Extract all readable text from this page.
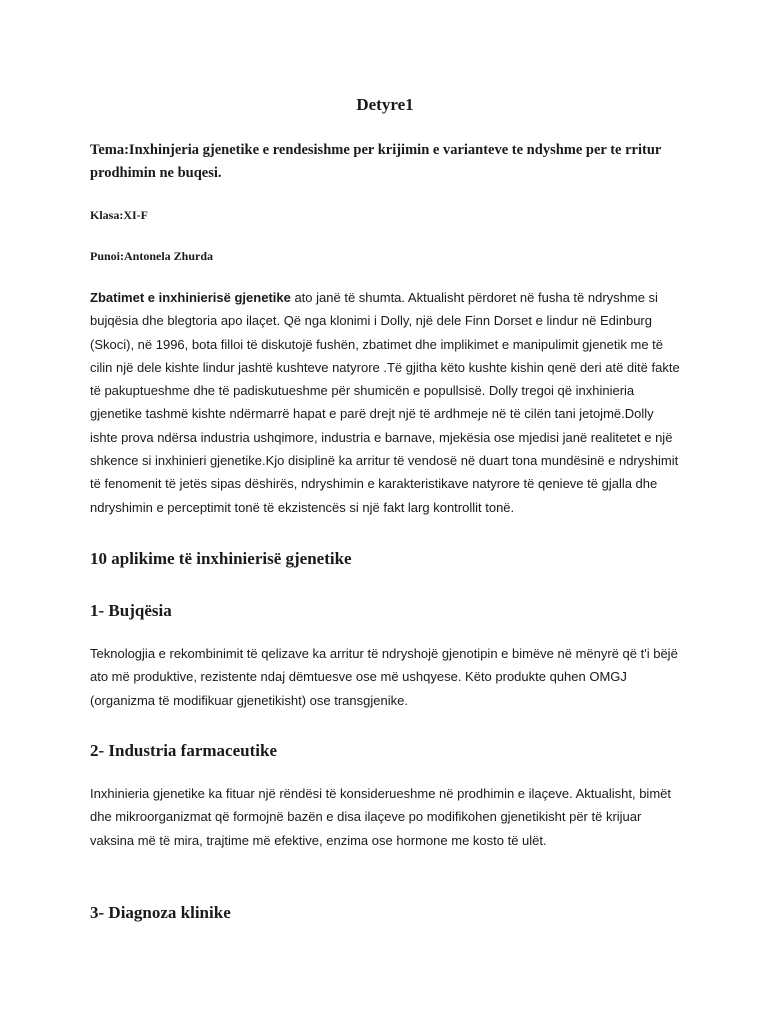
Detyre1
Tema:Inxhinjeria gjenetike e rendesishme per krijimin e varianteve te ndyshme per te rritur prodhimin ne buqesi.
Klasa:XI-F
Punoi:Antonela Zhurda
Zbatimet e inxhinierisë gjenetike ato janë të shumta. Aktualisht përdoret në fusha të ndryshme si bujqësia dhe blegtoria apo ilaçet. Që nga klonimi i Dolly, një dele Finn Dorset e lindur në Edinburg (Skoci), në 1996, bota filloi të diskutojë fushën, zbatimet dhe implikimet e manipulimit gjenetik me të cilin një dele kishte lindur jashtë kushteve natyrore .Të gjitha këto kushte kishin qenë deri atë ditë fakte të pakuptueshme dhe të padiskutueshme për shumicën e popullsisë. Dolly tregoi që inxhinieria gjenetike tashmë kishte ndërmarrë hapat e parë drejt një të ardhmeje në të cilën tani jetojmë.Dolly ishte prova ndërsa industria ushqimore, industria e barnave, mjekësia ose mjedisi janë realitetet e një shkence si inxhinieri gjenetike.Kjo disiplinë ka arritur të vendosë në duart tona mundësinë e ndryshimit të fenomenit të jetës sipas dëshirës, ndryshimin e karakteristikave natyrore të qenieve të gjalla dhe ndryshimin e perceptimit tonë të ekzistencës si një fakt larg kontrollit tonë.
10 aplikime të inxhinierisë gjenetike
1- Bujqësia
Teknologjia e rekombinimit të qelizave ka arritur të ndryshojë gjenotipin e bimëve në mënyrë që t'i bëjë ato më produktive, rezistente ndaj dëmtuesve ose më ushqyese. Këto produkte quhen OMGJ (organizma të modifikuar gjenetikisht) ose transgjenike.
2- Industria farmaceutike
Inxhinieria gjenetike ka fituar një rëndësi të konsiderueshme në prodhimin e ilaçeve. Aktualisht, bimët dhe mikroorganizmat që formojnë bazën e disa ilaçeve po modifikohen gjenetikisht për të krijuar vaksina më të mira, trajtime më efektive, enzima ose hormone me kosto të ulët.
3- Diagnoza klinike
